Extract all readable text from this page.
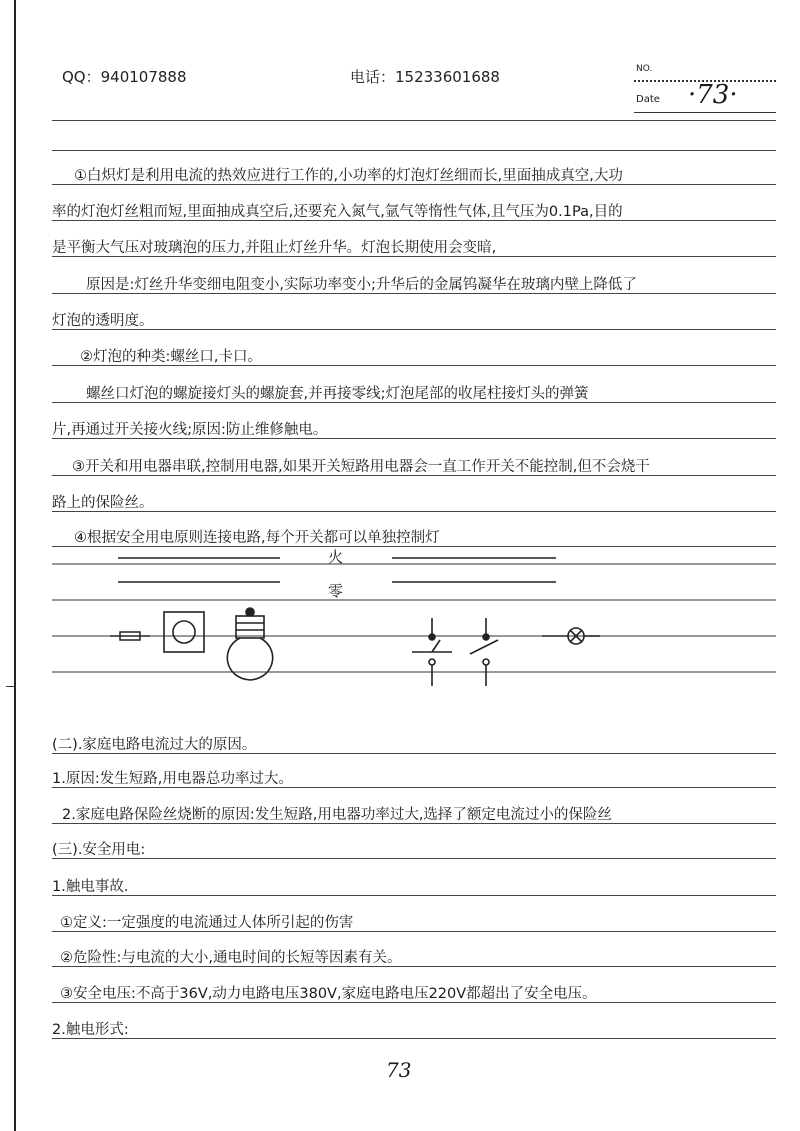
QQ：940107888	电话：15233601688	NO.
Date ·73·
①白炽灯是利用电流的热效应进行工作的,小功率的灯泡灯丝细而长,里面抽成真空,大功
率的灯泡灯丝粗而短,里面抽成真空后,还要充入氮气,氩气等惰性气体,且气压为0.1Pa,目的
是平衡大气压对玻璃泡的压力,并阻止灯丝升华。灯泡长期使用会变暗,
原因是:灯丝升华变细电阻变小,实际功率变小;升华后的金属钨凝华在玻璃内壁上降低了
灯泡的透明度。
②灯泡的种类:螺丝口,卡口。
螺丝口灯泡的螺旋接灯头的螺旋套,并再接零线;灯泡尾部的收尾柱接灯头的弹簧
片,再通过开关接火线;原因:防止维修触电。
③开关和用电器串联,控制用电器,如果开关短路用电器会一直工作开关不能控制,但不会烧干
路上的保险丝。
④根据安全用电原则连接电路,每个开关都可以单独控制灯
火
零
(二).家庭电路电流过大的原因。
1.原因:发生短路,用电器总功率过大。
2.家庭电路保险丝烧断的原因:发生短路,用电器功率过大,选择了额定电流过小的保险丝
(三).安全用电:
1.触电事故.
①定义:一定强度的电流通过人体所引起的伤害
②危险性:与电流的大小,通电时间的长短等因素有关。
③安全电压:不高于36V,动力电路电压380V,家庭电路电压220V都超出了安全电压。
2.触电形式:
73
